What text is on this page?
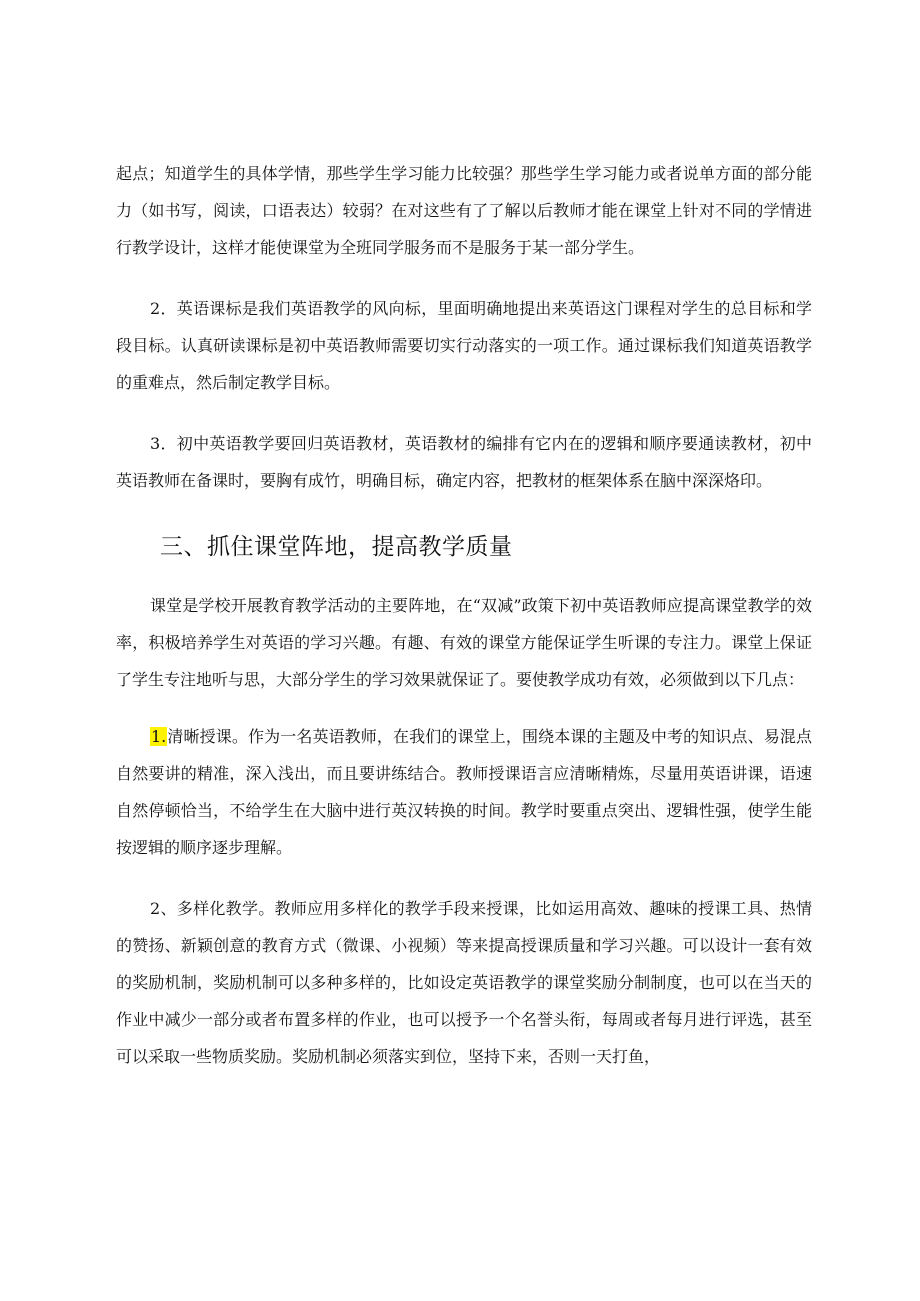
起点；知道学生的具体学情，那些学生学习能力比较强？那些学生学习能力或者说单方面的部分能力（如书写，阅读，口语表达）较弱？在对这些有了了解以后教师才能在课堂上针对不同的学情进行教学设计，这样才能使课堂为全班同学服务而不是服务于某一部分学生。

2．英语课标是我们英语教学的风向标，里面明确地提出来英语这门课程对学生的总目标和学段目标。认真研读课标是初中英语教师需要切实行动落实的一项工作。通过课标我们知道英语教学的重难点，然后制定教学目标。

3．初中英语教学要回归英语教材，英语教材的编排有它内在的逻辑和顺序要通读教材，初中英语教师在备课时，要胸有成竹，明确目标，确定内容，把教材的框架体系在脑中深深烙印。

三、抓住课堂阵地，提高教学质量

课堂是学校开展教育教学活动的主要阵地，在“双减”政策下初中英语教师应提高课堂教学的效率，积极培养学生对英语的学习兴趣。有趣、有效的课堂方能保证学生听课的专注力。课堂上保证了学生专注地听与思，大部分学生的学习效果就保证了。要使教学成功有效，必须做到以下几点：

1.清晰授课。作为一名英语教师，在我们的课堂上，围绕本课的主题及中考的知识点、易混点自然要讲的精准，深入浅出，而且要讲练结合。教师授课语言应清晰精炼，尽量用英语讲课，语速自然停顿恰当，不给学生在大脑中进行英汉转换的时间。教学时要重点突出、逻辑性强，使学生能按逻辑的顺序逐步理解。

2、多样化教学。教师应用多样化的教学手段来授课，比如运用高效、趣味的授课工具、热情的赞扬、新颖创意的教育方式（微课、小视频）等来提高授课质量和学习兴趣。可以设计一套有效的奖励机制，奖励机制可以多种多样的，比如设定英语教学的课堂奖励分制制度，也可以在当天的作业中减少一部分或者布置多样的作业，也可以授予一个名誉头衔，每周或者每月进行评选，甚至可以采取一些物质奖励。奖励机制必须落实到位，坚持下来，否则一天打鱼，
